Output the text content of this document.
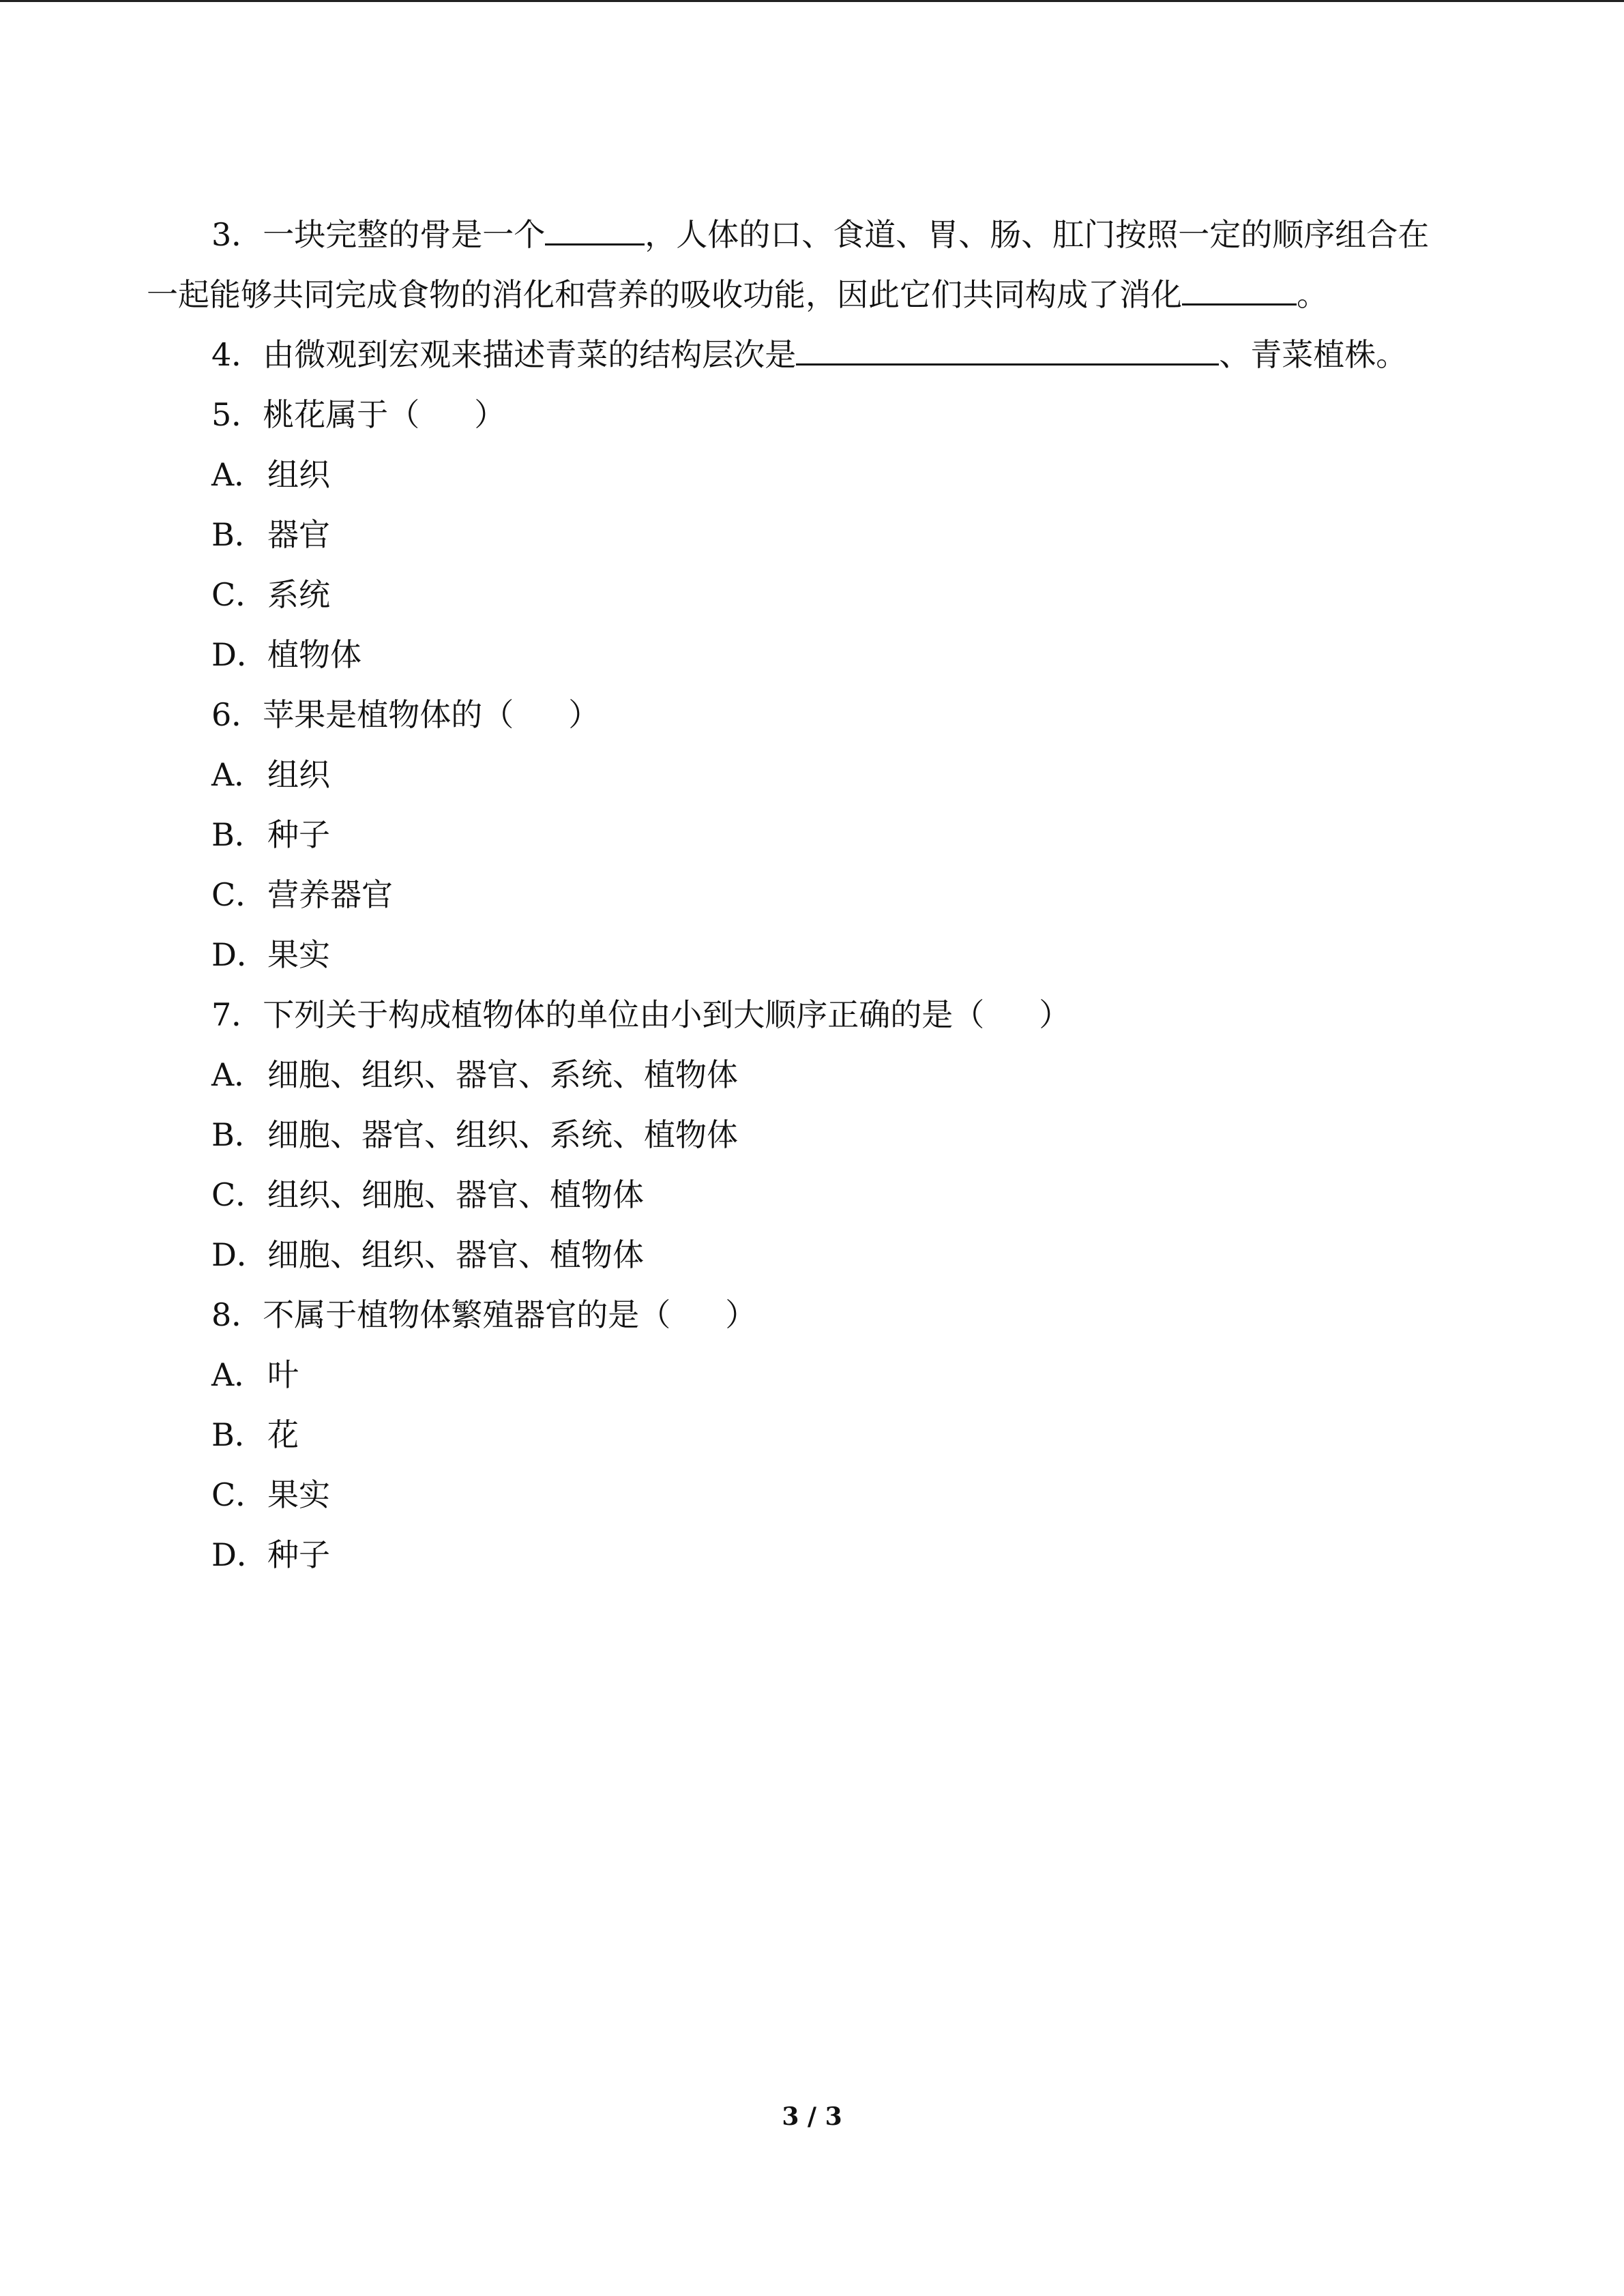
3．一块完整的骨是一个	，人体的口、食道、胃、肠、肛门按照一定的顺序组合在
一起能够共同完成食物的消化和营养的吸收功能，因此它们共同构成了消化	。
4．由微观到宏观来描述青菜的结构层次是	、青菜植株。
5．桃花属于（ ）
A．组织
B．器官
C．系统
D．植物体
6．苹果是植物体的（ ）
A．组织
B．种子
C．营养器官
D．果实
7．下列关于构成植物体的单位由小到大顺序正确的是（ ）
A．细胞、组织、器官、系统、植物体
B．细胞、器官、组织、系统、植物体
C．组织、细胞、器官、植物体
D．细胞、组织、器官、植物体
8．不属于植物体繁殖器官的是（ ）
A．叶
B．花
C．果实
D．种子
3 / 3
